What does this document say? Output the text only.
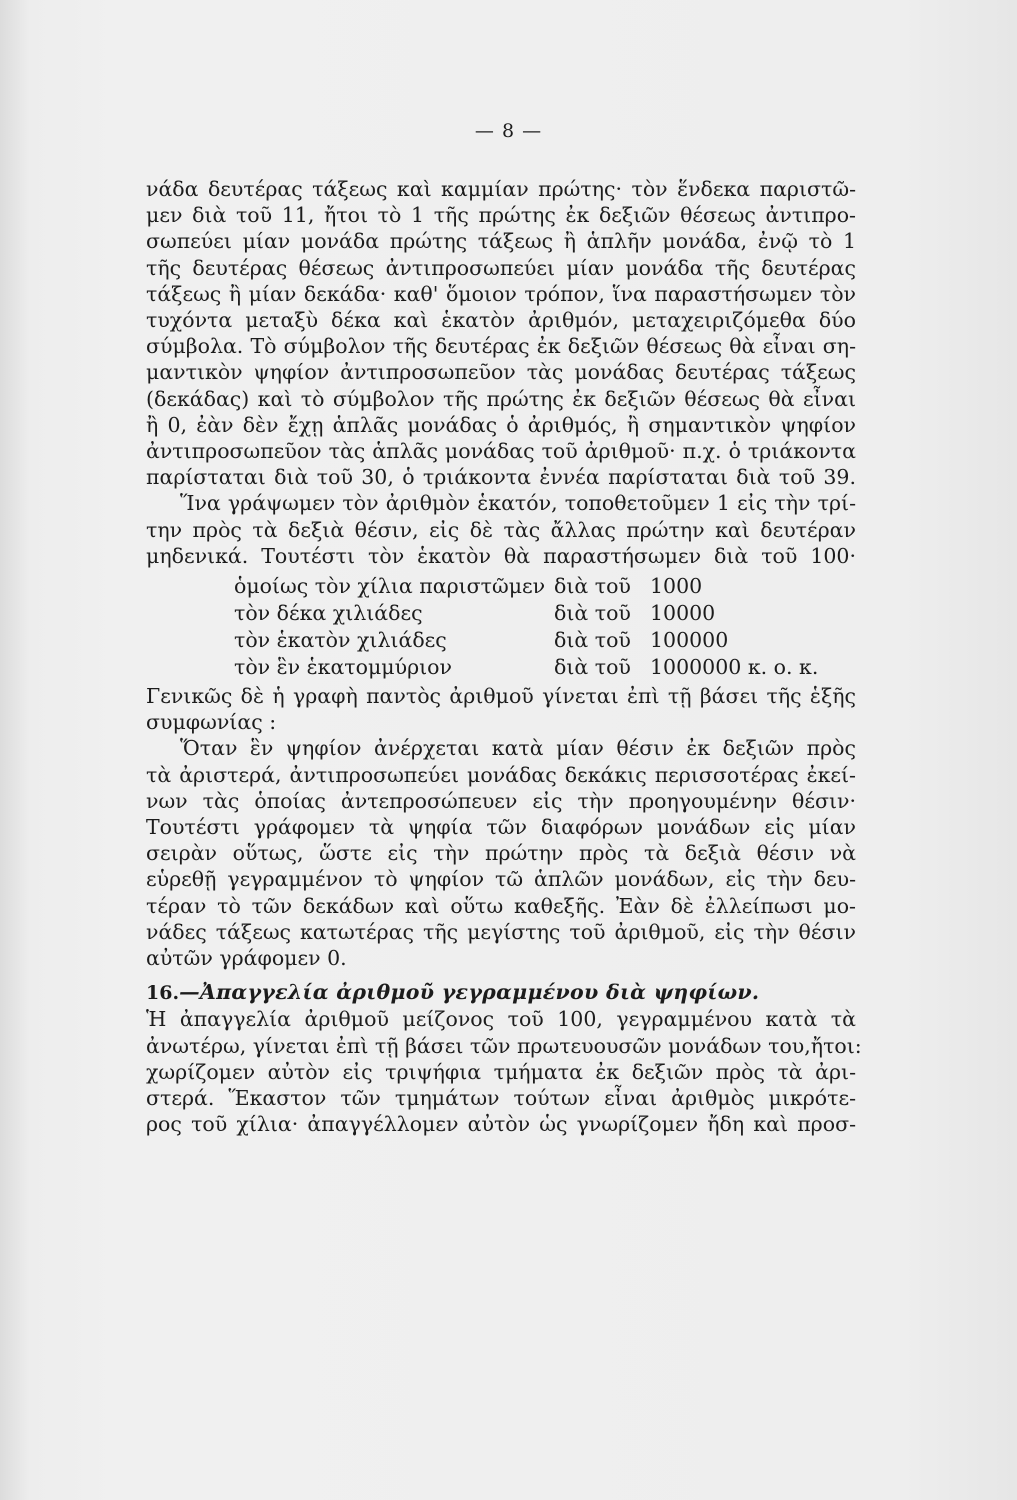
— 8 —
νάδα δευτέρας τάξεως καὶ καμμίαν πρώτης· τὸν ἕνδεκα παριστῶ-
μεν διὰ τοῦ 11, ἤτοι τὸ 1 τῆς πρώτης ἐκ δεξιῶν θέσεως ἀντιπρο-
σωπεύει μίαν μονάδα πρώτης τάξεως ἢ ἁπλῆν μονάδα, ἐνῷ τὸ 1
τῆς δευτέρας θέσεως ἀντιπροσωπεύει μίαν μονάδα τῆς δευτέρας
τάξεως ἢ μίαν δεκάδα· καθ' ὅμοιον τρόπον, ἵνα παραστήσωμεν τὸν
τυχόντα μεταξὺ δέκα καὶ ἑκατὸν ἀριθμόν, μεταχειριζόμεθα δύο
σύμβολα. Τὸ σύμβολον τῆς δευτέρας ἐκ δεξιῶν θέσεως θὰ εἶναι ση-
μαντικὸν ψηφίον ἀντιπροσωπεῦον τὰς μονάδας δευτέρας τάξεως
(δεκάδας) καὶ τὸ σύμβολον τῆς πρώτης ἐκ δεξιῶν θέσεως θὰ εἶναι
ἢ 0, ἐὰν δὲν ἔχῃ ἁπλᾶς μονάδας ὁ ἀριθμός, ἢ σημαντικὸν ψηφίον
ἀντιπροσωπεῦον τὰς ἁπλᾶς μονάδας τοῦ ἀριθμοῦ· π.χ. ὁ τριάκοντα
παρίσταται διὰ τοῦ 30, ὁ τριάκοντα ἐννέα παρίσταται διὰ τοῦ 39.
Ἵνα γράψωμεν τὸν ἀριθμὸν ἑκατόν, τοποθετοῦμεν 1 εἰς τὴν τρί-
την πρὸς τὰ δεξιὰ θέσιν, εἰς δὲ τὰς ἄλλας πρώτην καὶ δευτέραν
μηδενικά. Τουτέστι τὸν ἑκατὸν θὰ παραστήσωμεν διὰ τοῦ 100·
ὁμοίως τὸν χίλια παριστῶμεν διὰ τοῦ 1000
τὸν δέκα χιλιάδες	διὰ τοῦ 10000
τὸν ἑκατὸν χιλιάδες	διὰ τοῦ 100000
τὸν ἓν ἑκατομμύριον	διὰ τοῦ 1000000 κ. ο. κ.
Γενικῶς δὲ ἡ γραφὴ παντὸς ἀριθμοῦ γίνεται ἐπὶ τῇ βάσει τῆς ἑξῆς
συμφωνίας :
Ὅταν ἓν ψηφίον ἀνέρχεται κατὰ μίαν θέσιν ἐκ δεξιῶν πρὸς
τὰ ἀριστερά, ἀντιπροσωπεύει μονάδας δεκάκις περισσοτέρας ἐκεί-
νων τὰς ὁποίας ἀντεπροσώπευεν εἰς τὴν προηγουμένην θέσιν·
Τουτέστι γράφομεν τὰ ψηφία τῶν διαφόρων μονάδων εἰς μίαν
σειρὰν οὕτως, ὥστε εἰς τὴν πρώτην πρὸς τὰ δεξιὰ θέσιν νὰ
εὑρεθῇ γεγραμμένον τὸ ψηφίον τῶ ἁπλῶν μονάδων, εἰς τὴν δευ-
τέραν τὸ τῶν δεκάδων καὶ οὕτω καθεξῆς. Ἐὰν δὲ ἐλλείπωσι μο-
νάδες τάξεως κατωτέρας τῆς μεγίστης τοῦ ἀριθμοῦ, εἰς τὴν θέσιν
αὐτῶν γράφομεν 0.
16.—Ἀπαγγελία ἀριθμοῦ γεγραμμένου διὰ ψηφίων.
Ἡ ἀπαγγελία ἀριθμοῦ μείζονος τοῦ 100, γεγραμμένου κατὰ τὰ
ἀνωτέρω, γίνεται ἐπὶ τῇ βάσει τῶν πρωτευουσῶν μονάδων του,ἤτοι:
χωρίζομεν αὐτὸν εἰς τριψήφια τμήματα ἐκ δεξιῶν πρὸς τὰ ἀρι-
στερά. Ἕκαστον τῶν τμημάτων τούτων εἶναι ἀριθμὸς μικρότε-
ρος τοῦ χίλια· ἀπαγγέλλομεν αὐτὸν ὡς γνωρίζομεν ἤδη καὶ προσ-
